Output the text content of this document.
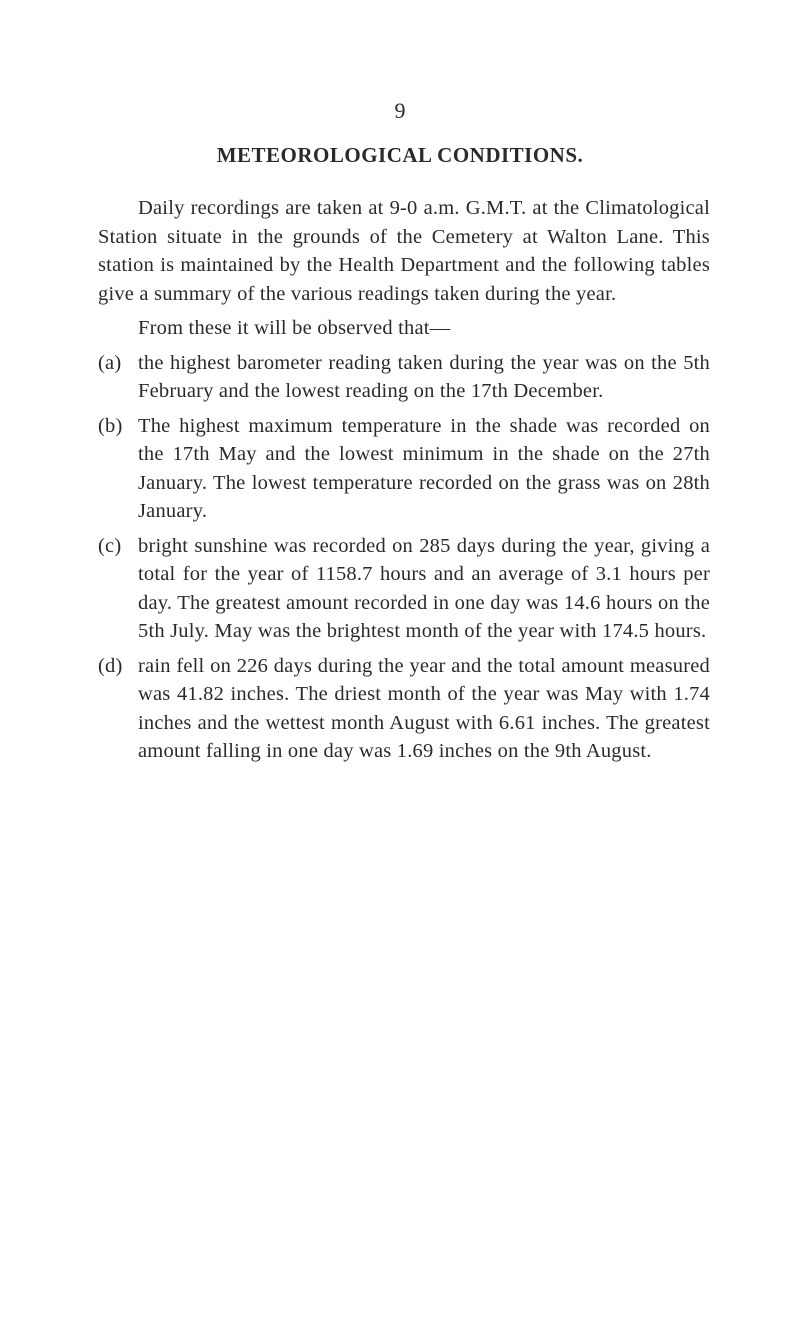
9
METEOROLOGICAL CONDITIONS.

Daily recordings are taken at 9-0 a.m. G.M.T. at the Climatological Station situate in the grounds of the Cemetery at Walton Lane. This station is maintained by the Health Department and the following tables give a summary of the various readings taken during the year.

From these it will be observed that—

(a) the highest barometer reading taken during the year was on the 5th February and the lowest reading on the 17th December.
(b) The highest maximum temperature in the shade was recorded on the 17th May and the lowest minimum in the shade on the 27th January. The lowest temperature recorded on the grass was on 28th January.
(c) bright sunshine was recorded on 285 days during the year, giving a total for the year of 1158.7 hours and an average of 3.1 hours per day. The greatest amount recorded in one day was 14.6 hours on the 5th July. May was the brightest month of the year with 174.5 hours.
(d) rain fell on 226 days during the year and the total amount measured was 41.82 inches. The driest month of the year was May with 1.74 inches and the wettest month August with 6.61 inches. The greatest amount falling in one day was 1.69 inches on the 9th August.
